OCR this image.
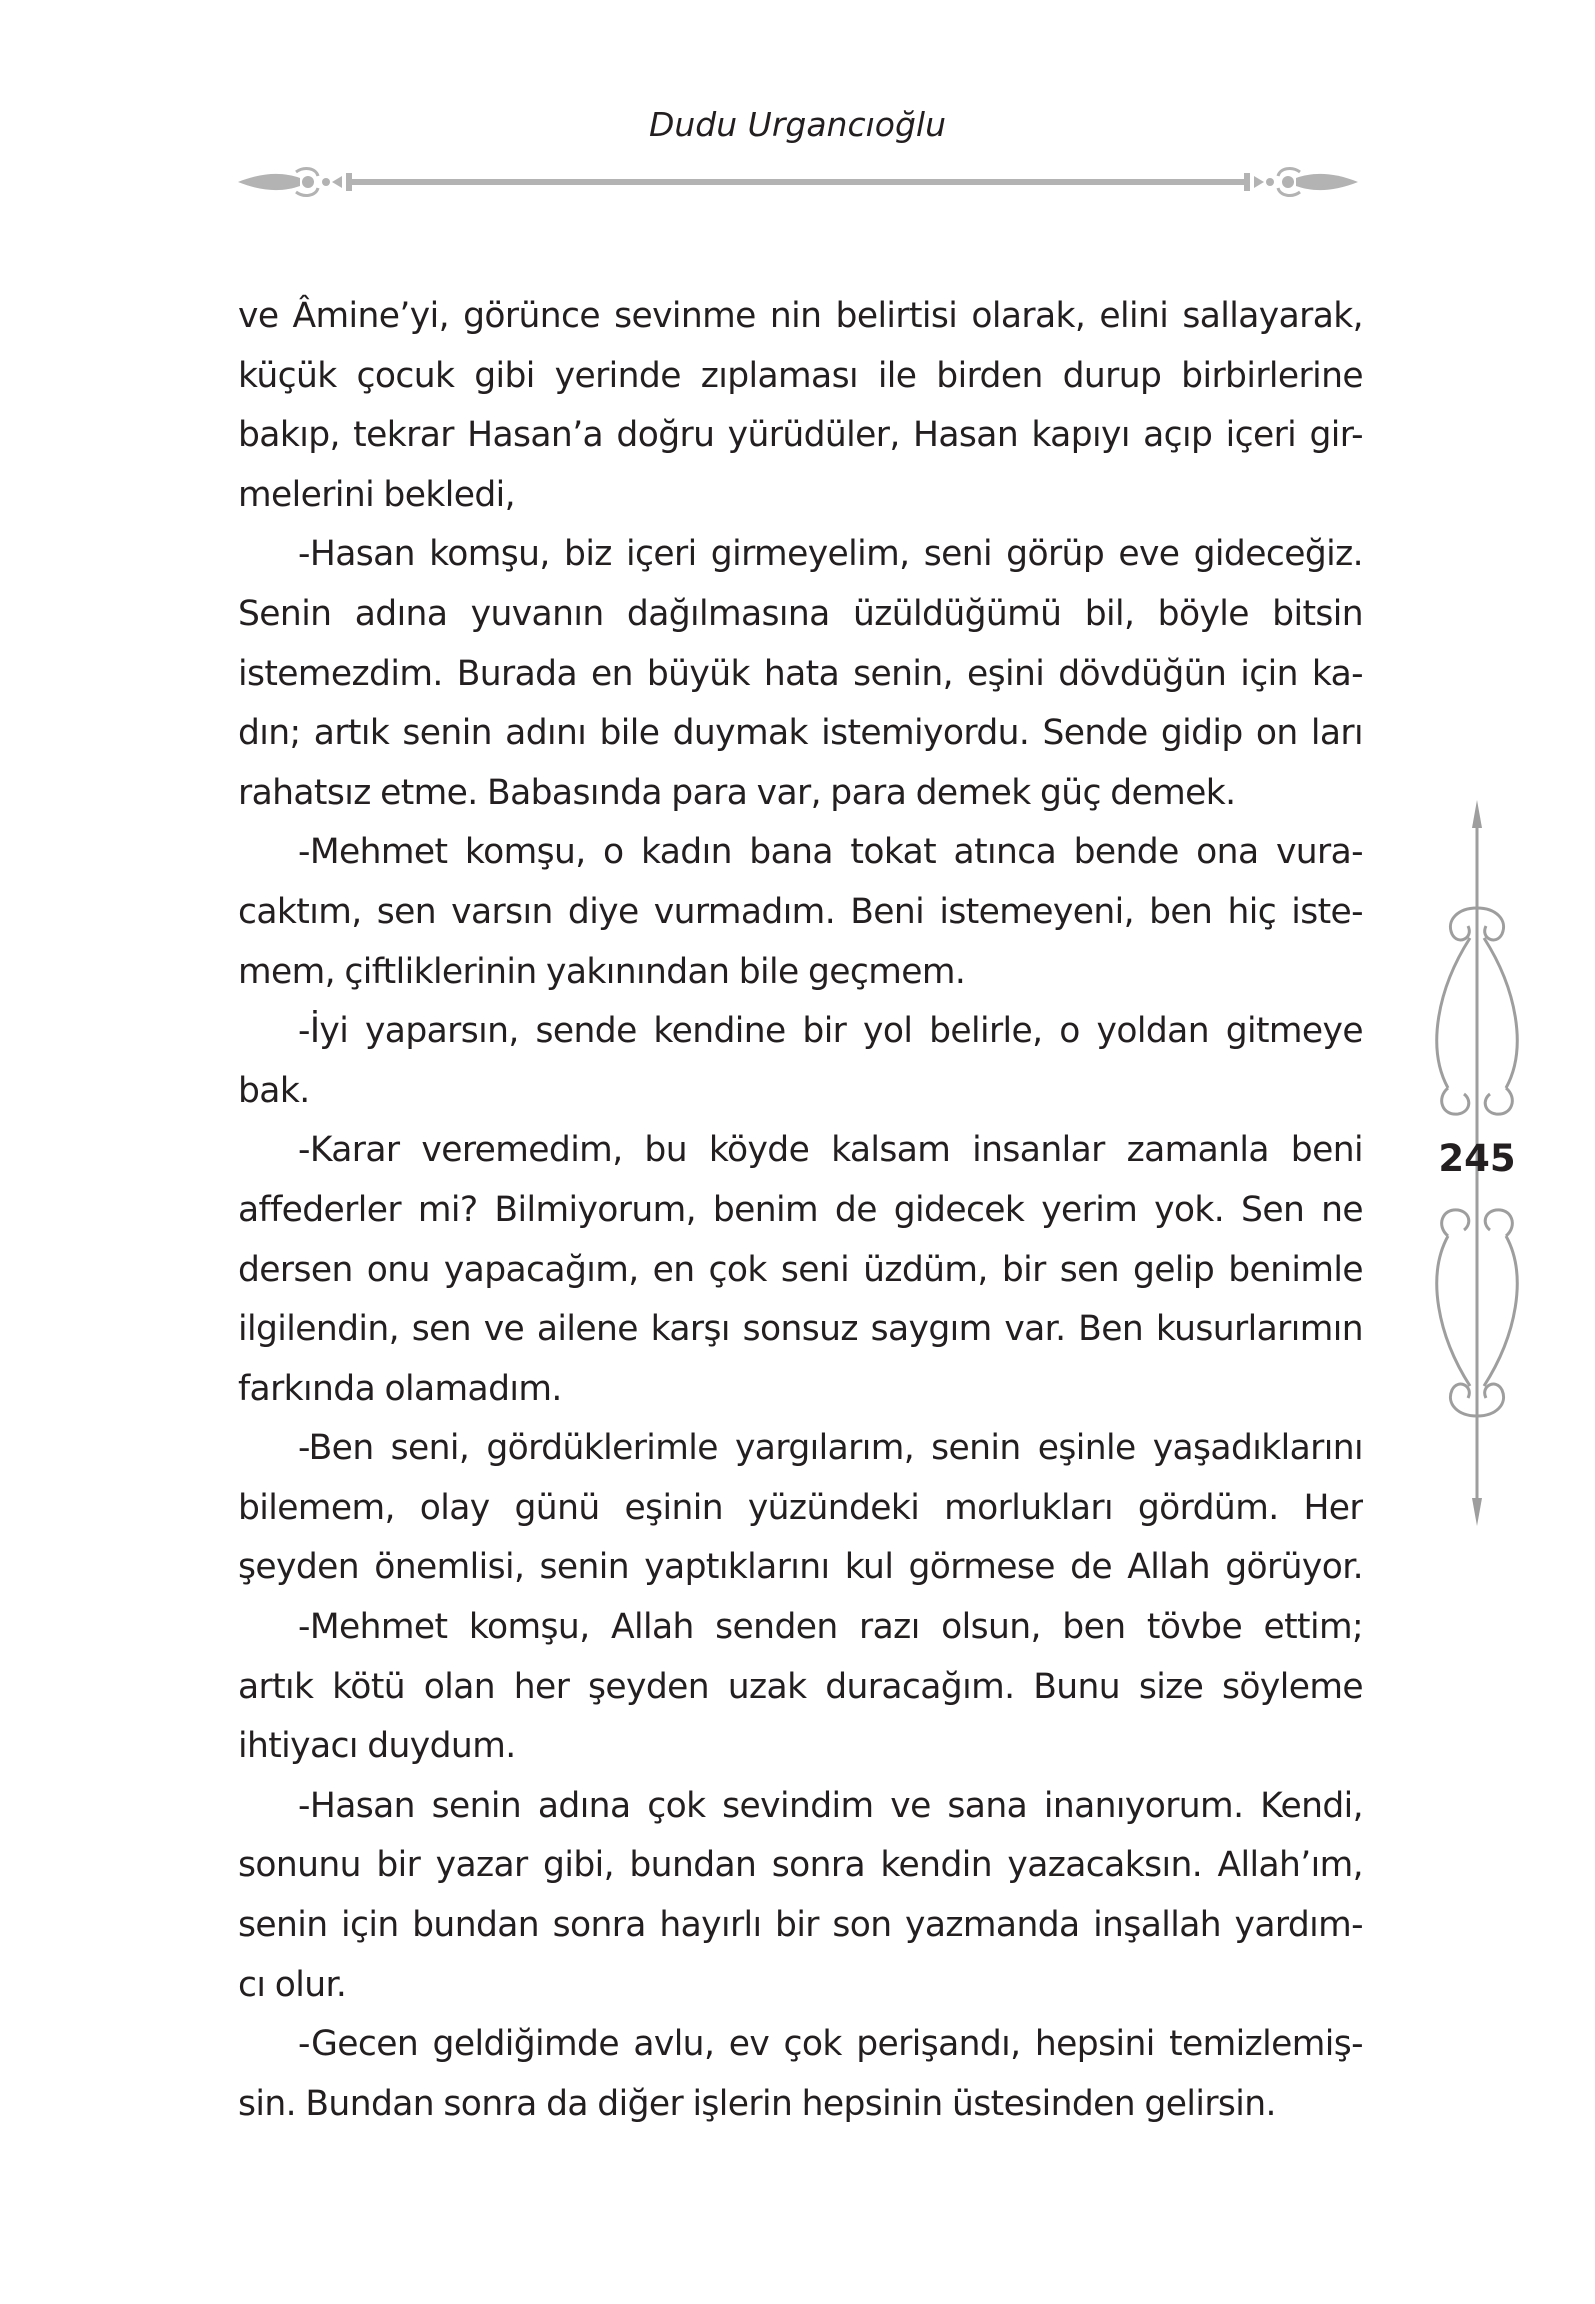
Dudu Urgancıoğlu
ve Âmine’yi, görünce sevinme nin belirtisi olarak, elini sallayarak,
küçük çocuk gibi yerinde zıplaması ile birden durup birbirlerine
bakıp, tekrar Hasan’a doğru yürüdüler, Hasan kapıyı açıp içeri gir-
melerini bekledi,
-Hasan komşu, biz içeri girmeyelim, seni görüp eve gideceğiz.
Senin adına yuvanın dağılmasına üzüldüğümü bil, böyle bitsin
istemezdim. Burada en büyük hata senin, eşini dövdüğün için ka-
dın; artık senin adını bile duymak istemiyordu. Sende gidip on ları
rahatsız etme. Babasında para var, para demek güç demek.
-Mehmet komşu, o kadın bana tokat atınca bende ona vura-
caktım, sen varsın diye vurmadım. Beni istemeyeni, ben hiç iste-
mem, çiftliklerinin yakınından bile geçmem.
-İyi yaparsın, sende kendine bir yol belirle, o yoldan gitmeye
bak.
-Karar veremedim, bu köyde kalsam insanlar zamanla beni
affederler mi? Bilmiyorum, benim de gidecek yerim yok. Sen ne
dersen onu yapacağım, en çok seni üzdüm, bir sen gelip benimle
ilgilendin, sen ve ailene karşı sonsuz saygım var. Ben kusurlarımın
farkında olamadım.
-Ben seni, gördüklerimle yargılarım, senin eşinle yaşadıklarını
bilemem, olay günü eşinin yüzündeki morlukları gördüm. Her
şeyden önemlisi, senin yaptıklarını kul görmese de Allah görüyor.
-Mehmet komşu, Allah senden razı olsun, ben tövbe ettim;
artık kötü olan her şeyden uzak duracağım. Bunu size söyleme
ihtiyacı duydum.
-Hasan senin adına çok sevindim ve sana inanıyorum. Kendi,
sonunu bir yazar gibi, bundan sonra kendin yazacaksın. Allah’ım,
senin için bundan sonra hayırlı bir son yazmanda inşallah yardım-
cı olur.
-Gecen geldiğimde avlu, ev çok perişandı, hepsini temizlemiş-
sin. Bundan sonra da diğer işlerin hepsinin üstesinden gelirsin.
245
